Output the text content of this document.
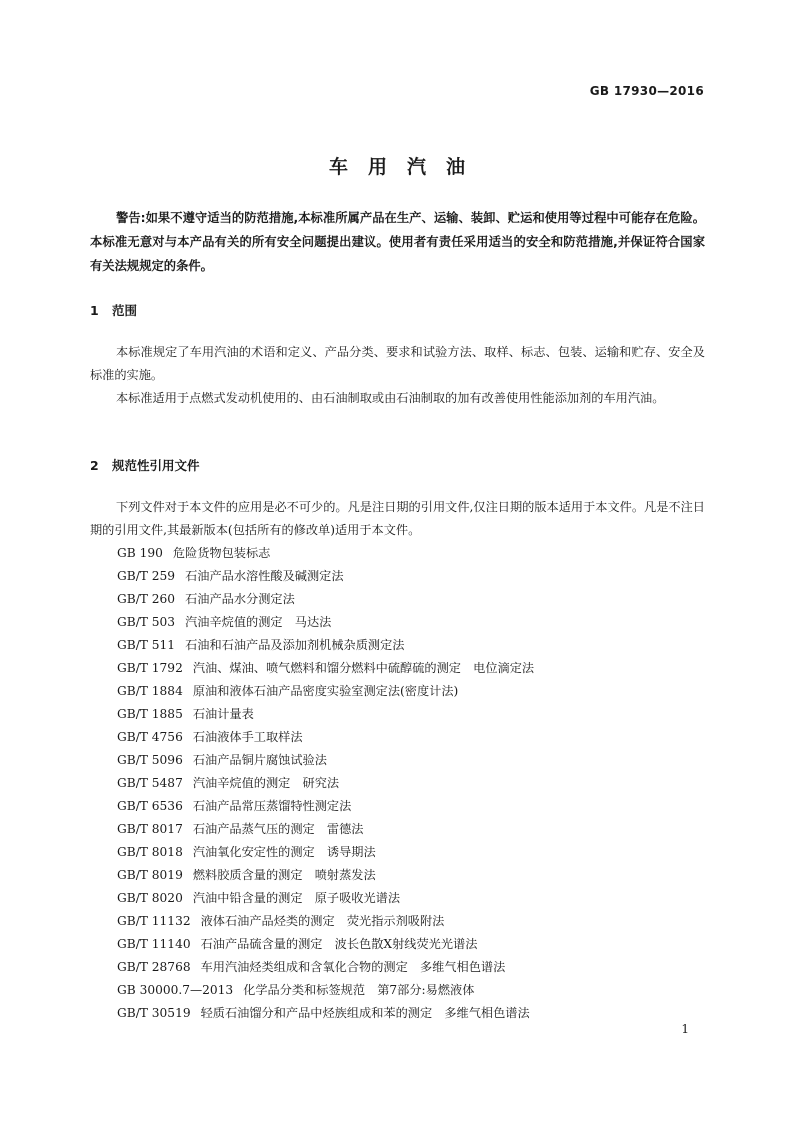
GB 17930—2016
车用汽油

警告:如果不遵守适当的防范措施,本标准所属产品在生产、运输、装卸、贮运和使用等过程中可能存在危险。本标准无意对与本产品有关的所有安全问题提出建议。使用者有责任采用适当的安全和防范措施,并保证符合国家有关法规规定的条件。

1 范围

本标准规定了车用汽油的术语和定义、产品分类、要求和试验方法、取样、标志、包装、运输和贮存、安全及标准的实施。

本标准适用于点燃式发动机使用的、由石油制取或由石油制取的加有改善使用性能添加剂的车用汽油。

2 规范性引用文件

下列文件对于本文件的应用是必不可少的。凡是注日期的引用文件,仅注日期的版本适用于本文件。凡是不注日期的引用文件,其最新版本(包括所有的修改单)适用于本文件。

GB 190 危险货物包装标志
GB/T 259 石油产品水溶性酸及碱测定法
GB/T 260 石油产品水分测定法
GB/T 503 汽油辛烷值的测定　马达法
GB/T 511 石油和石油产品及添加剂机械杂质测定法
GB/T 1792 汽油、煤油、喷气燃料和馏分燃料中硫醇硫的测定　电位滴定法
GB/T 1884 原油和液体石油产品密度实验室测定法(密度计法)
GB/T 1885 石油计量表
GB/T 4756 石油液体手工取样法
GB/T 5096 石油产品铜片腐蚀试验法
GB/T 5487 汽油辛烷值的测定　研究法
GB/T 6536 石油产品常压蒸馏特性测定法
GB/T 8017 石油产品蒸气压的测定　雷德法
GB/T 8018 汽油氧化安定性的测定　诱导期法
GB/T 8019 燃料胶质含量的测定　喷射蒸发法
GB/T 8020 汽油中铅含量的测定　原子吸收光谱法
GB/T 11132 液体石油产品烃类的测定　荧光指示剂吸附法
GB/T 11140 石油产品硫含量的测定　波长色散X射线荧光光谱法
GB/T 28768 车用汽油烃类组成和含氧化合物的测定　多维气相色谱法
GB 30000.7—2013 化学品分类和标签规范　第7部分:易燃液体
GB/T 30519 轻质石油馏分和产品中烃族组成和苯的测定　多维气相色谱法
1
